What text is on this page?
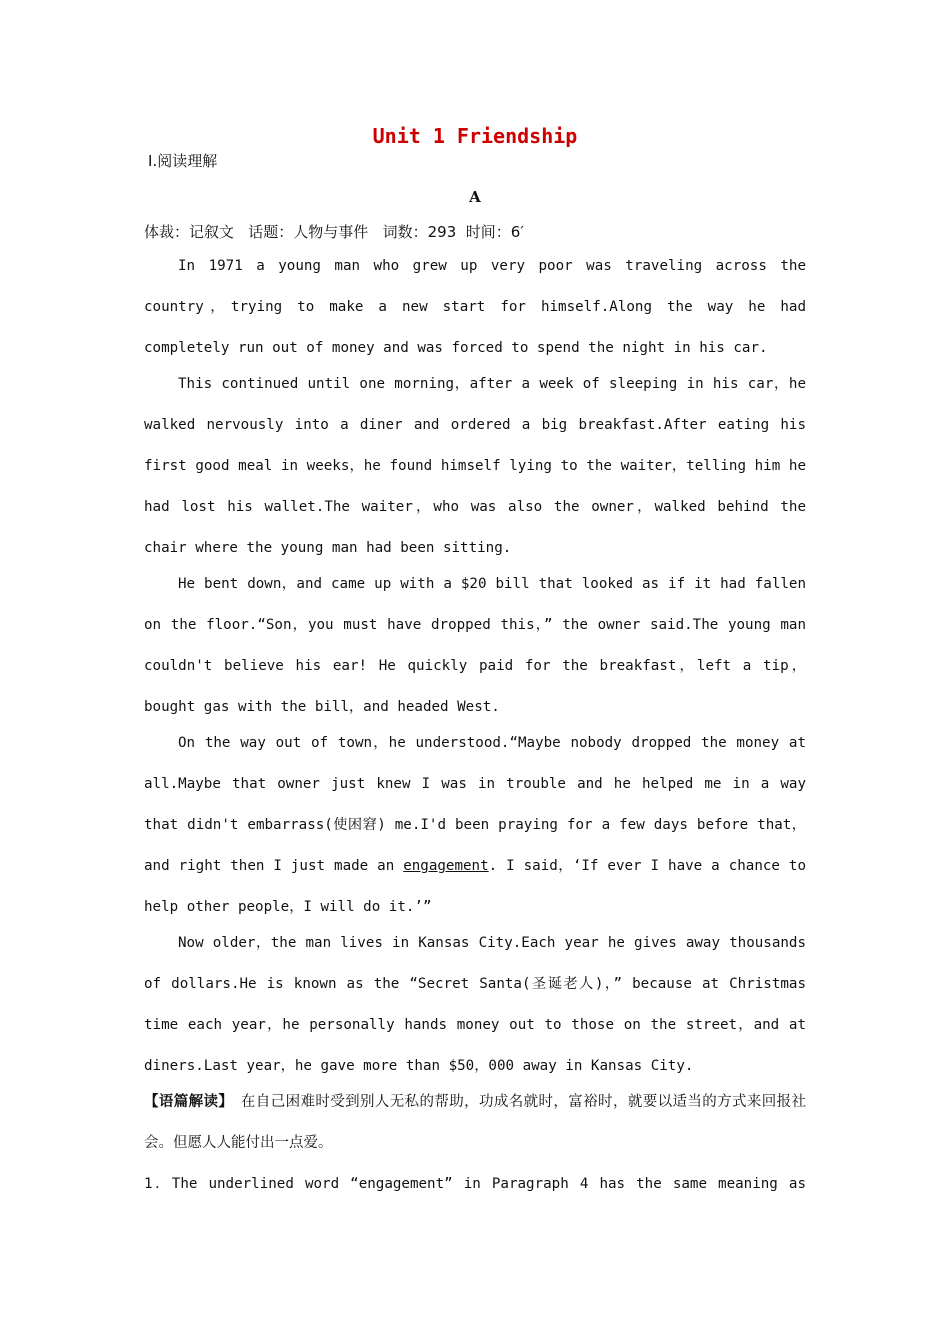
Unit 1 Friendship
Ⅰ.阅读理解
A
体裁：记叙文   话题：人物与事件   词数：293  时间：6′

In 1971 a young man who grew up very poor was traveling across the country，trying to make a new start for himself.Along the way he had completely run out of money and was forced to spend the night in his car.

This continued until one morning，after a week of sleeping in his car，he walked nervously into a diner and ordered a big breakfast.After eating his first good meal in weeks，he found himself lying to the waiter，telling him he had lost his wallet.The waiter，who was also the owner，walked behind the chair where the young man had been sitting.

He bent down，and came up with a $20 bill that looked as if it had fallen on the floor.“Son，you must have dropped this，” the owner said.The young man couldn't believe his ear! He quickly paid for the breakfast，left a tip，bought gas with the bill，and headed West.

On the way out of town，he understood.“Maybe nobody dropped the money at all.Maybe that owner just knew I was in trouble and he helped me in a way that didn't embarrass(使困窘) me.I'd been praying for a few days before that，and right then I just made an engagement. I said，‘If ever I have a chance to help other people，I will do it.’”

Now older，the man lives in Kansas City.Each year he gives away thousands of dollars.He is known as the “Secret Santa(圣诞老人)，” because at Christmas time each year，he personally hands money out to those on the street，and at diners.Last year，he gave more than $50，000 away in Kansas City.

【语篇解读】　在自己困难时受到别人无私的帮助，功成名就时，富裕时，就要以适当的方式来回报社会。但愿人人能付出一点爱。

1．The underlined word “engagement” in Paragraph 4 has the same meaning as
